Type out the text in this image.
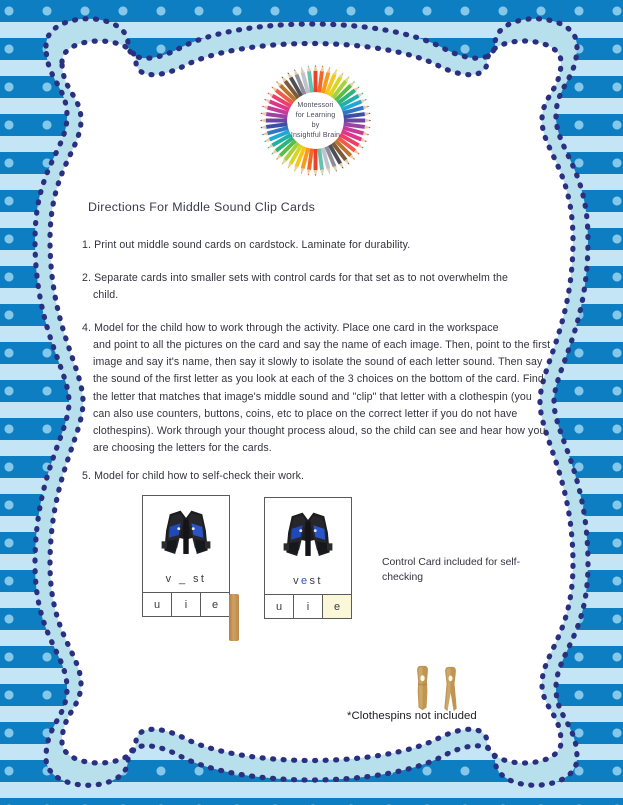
Montessori
for Learning
by
Insightful Brain
Directions For Middle Sound Clip Cards
1. Print out middle sound cards on cardstock. Laminate for durability.
2. Separate cards into smaller sets with control cards for that set as to not overwhelm the
child.
4. Model for the child how to work through the activity. Place one card in the workspace
and point to all the pictures on the card and say the name of each image. Then, point to the first image and say it's name, then say it slowly to isolate the sound of each letter sound. Then say the sound of the first letter as you look at each of the 3 choices on the bottom of the card. Find the letter that matches that image's middle sound and "clip" that letter with a clothespin (you can also use counters, buttons, coins, etc to place on the correct letter if you do not have clothespins). Work through your thought process aloud, so the child can see and hear how you are choosing the letters for the cards.
5. Model for child how to self-check their work.
v _ st
u i e
v e st
u i e
Control Card included for self-checking
*Clothespins not included
